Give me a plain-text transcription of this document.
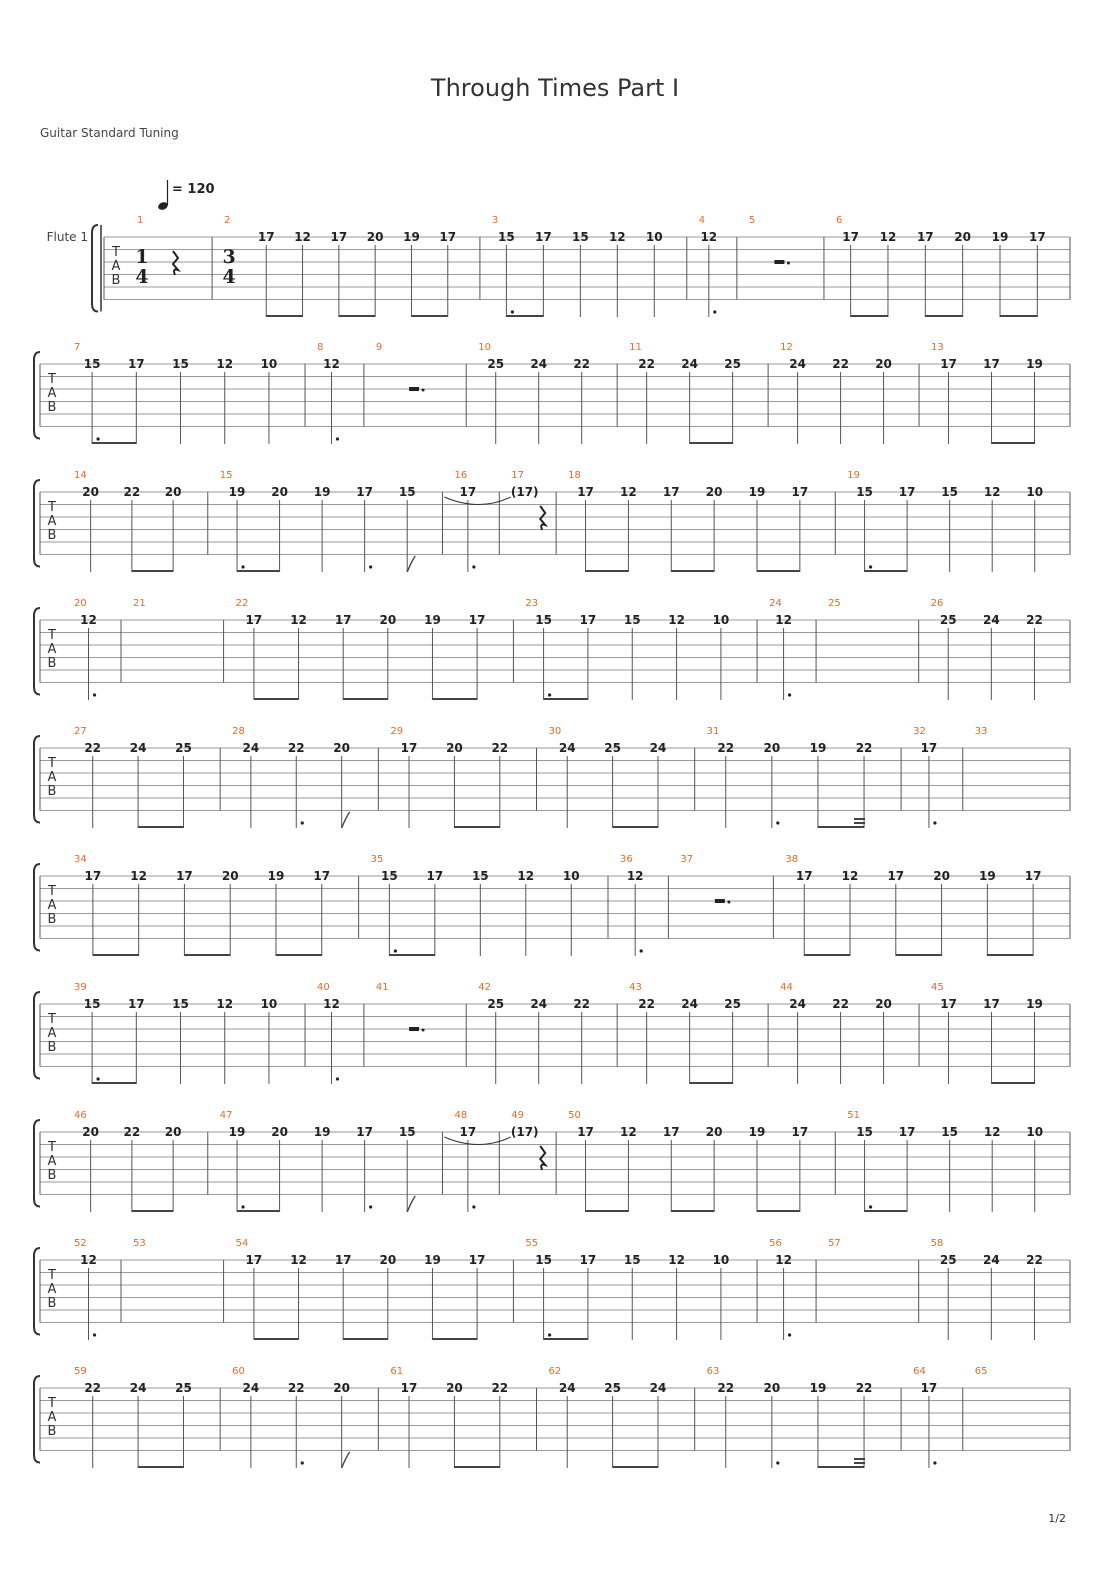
Through Times Part I
Guitar Standard Tuning
= 120
Flute 1
T
A
B
1
1
4
2
3
4
17 12 17 20 19 17
3
15 17 15 12 10
4
12
5	6
17 12 17 20 19 17
T
A
B
7
15 17 15 12 10
8
12
9	10
25 24 22
11
22 24 25
12
24 22 20
13
17 17 19
T
A
B
14
20 22 20
15
19 20 19 17 15
16
17
17
(17)
18
17 12 17 20 19 17
19
15 17 15 12 10
T
A
B
20
12
21	22
17 12 17 20 19 17
23
15 17 15 12 10
24
12
25	26
25 24 22
T
A
B
27
22 24 25
28
24 22 20
29
17 20 22
30
24 25 24
31
22 20 19 22
32
17
33
T
A
B
34
17 12 17 20 19 17
35
15 17 15 12 10
36
12
37	38
17 12 17 20 19 17
T
A
B
39
15 17 15 12 10
40
12
41	42
25 24 22
43
22 24 25
44
24 22 20
45
17 17 19
T
A
B
46
20 22 20
47
19 20 19 17 15
48
17
49
(17)
50
17 12 17 20 19 17
51
15 17 15 12 10
T
A
B
52
12
53	54
17 12 17 20 19 17
55
15 17 15 12 10
56
12
57	58
25 24 22
T
A
B
59
22 24 25
60
24 22 20
61
17 20 22
62
24 25 24
63
22 20 19 22
64
17
65
1/2
